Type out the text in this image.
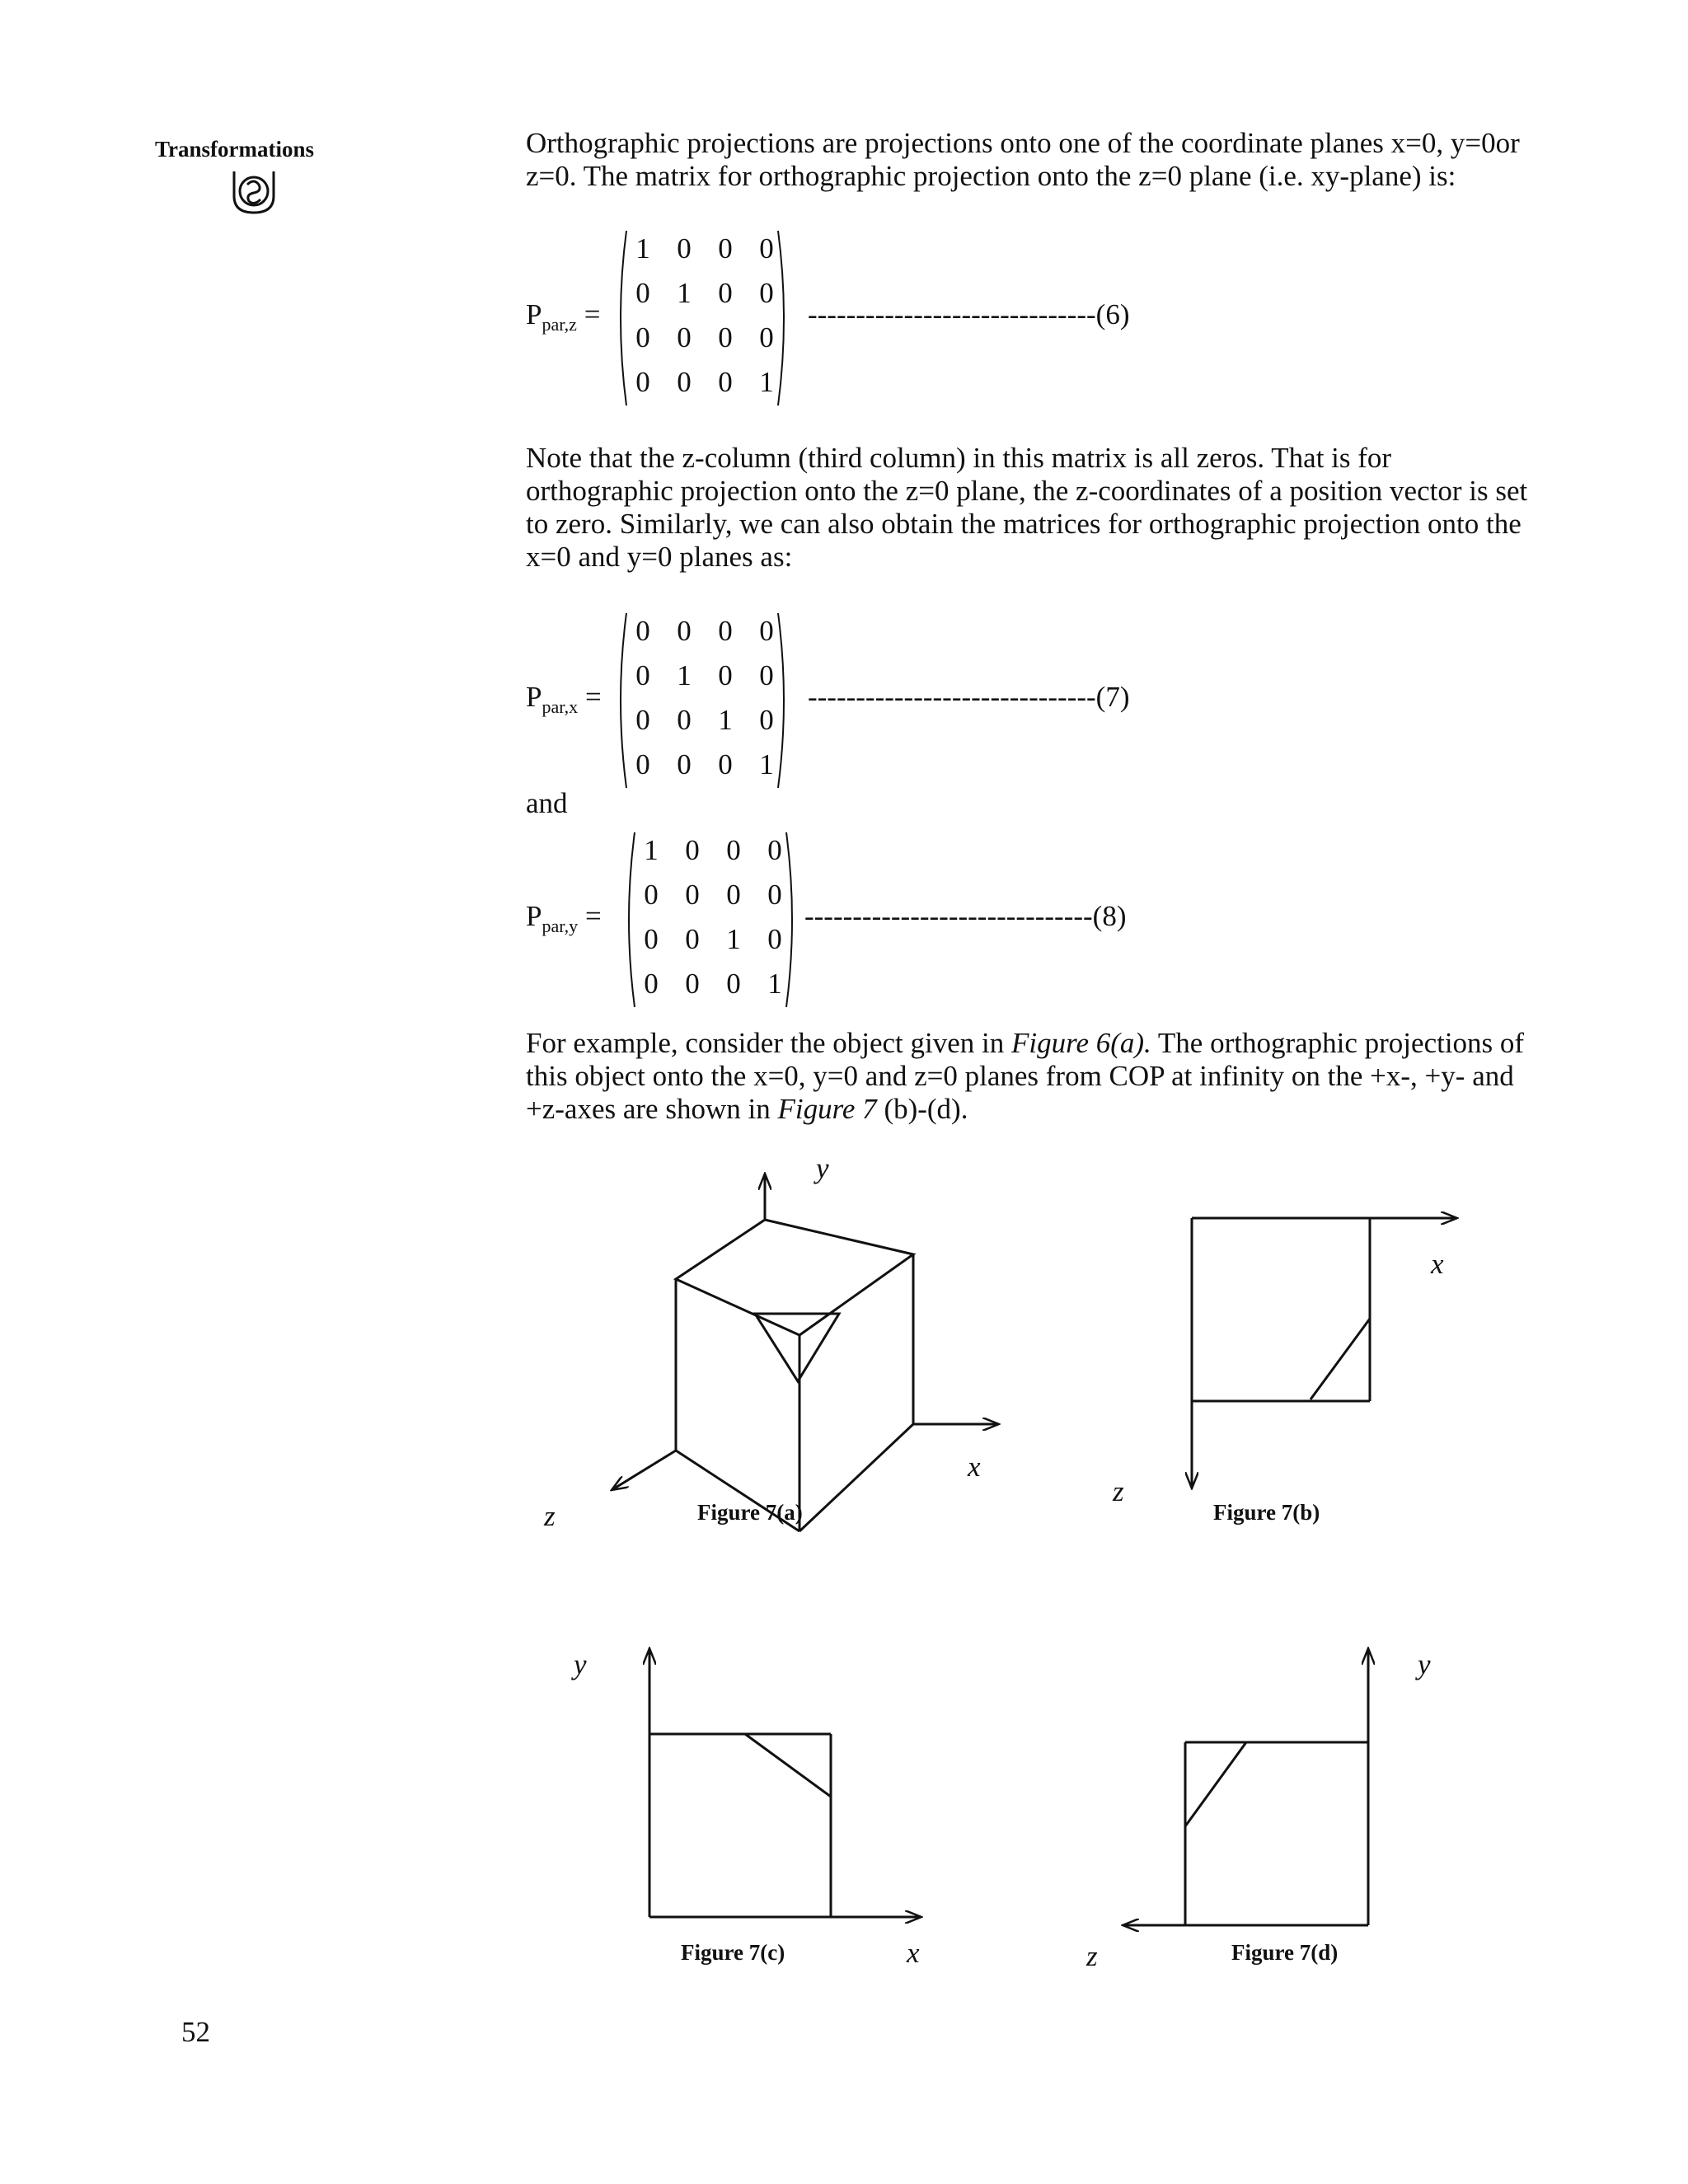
Transformations	Orthographic projections are projections onto one of the coordinate planes x=0, y=0or z=0. The matrix for orthographic projection onto the z=0 plane (i.e. xy-plane) is:
$P_{par,z}$ =
1 0 0 0
0 1 0 0
0 0 0 0
0 0 0 1
------------------------------(6)
Note that the z-column (third column) in this matrix is all zeros. That is for orthographic projection onto the z=0 plane, the z-coordinates of a position vector is set to zero. Similarly, we can also obtain the matrices for orthographic projection onto the x=0 and y=0 planes as:
$P_{par,x}$ =
0 0 0 0
0 1 0 0
0 0 1 0
0 0 0 1
------------------------------(7)
and
$P_{par,y}$ =
1 0 0 0
0 0 0 0
0 0 1 0
0 0 0 1
------------------------------(8)
For example, consider the object given in Figure 6(a). The orthographic projections of this object onto the x=0, y=0 and z=0 planes from COP at infinity on the +x-, +y- and +z-axes are shown in Figure 7 (b)-(d).
y
x
z	Figure 7(a)
x
z
Figure 7(b)
y
x
Figure 7(c)
y
z	Figure 7(d)
52
